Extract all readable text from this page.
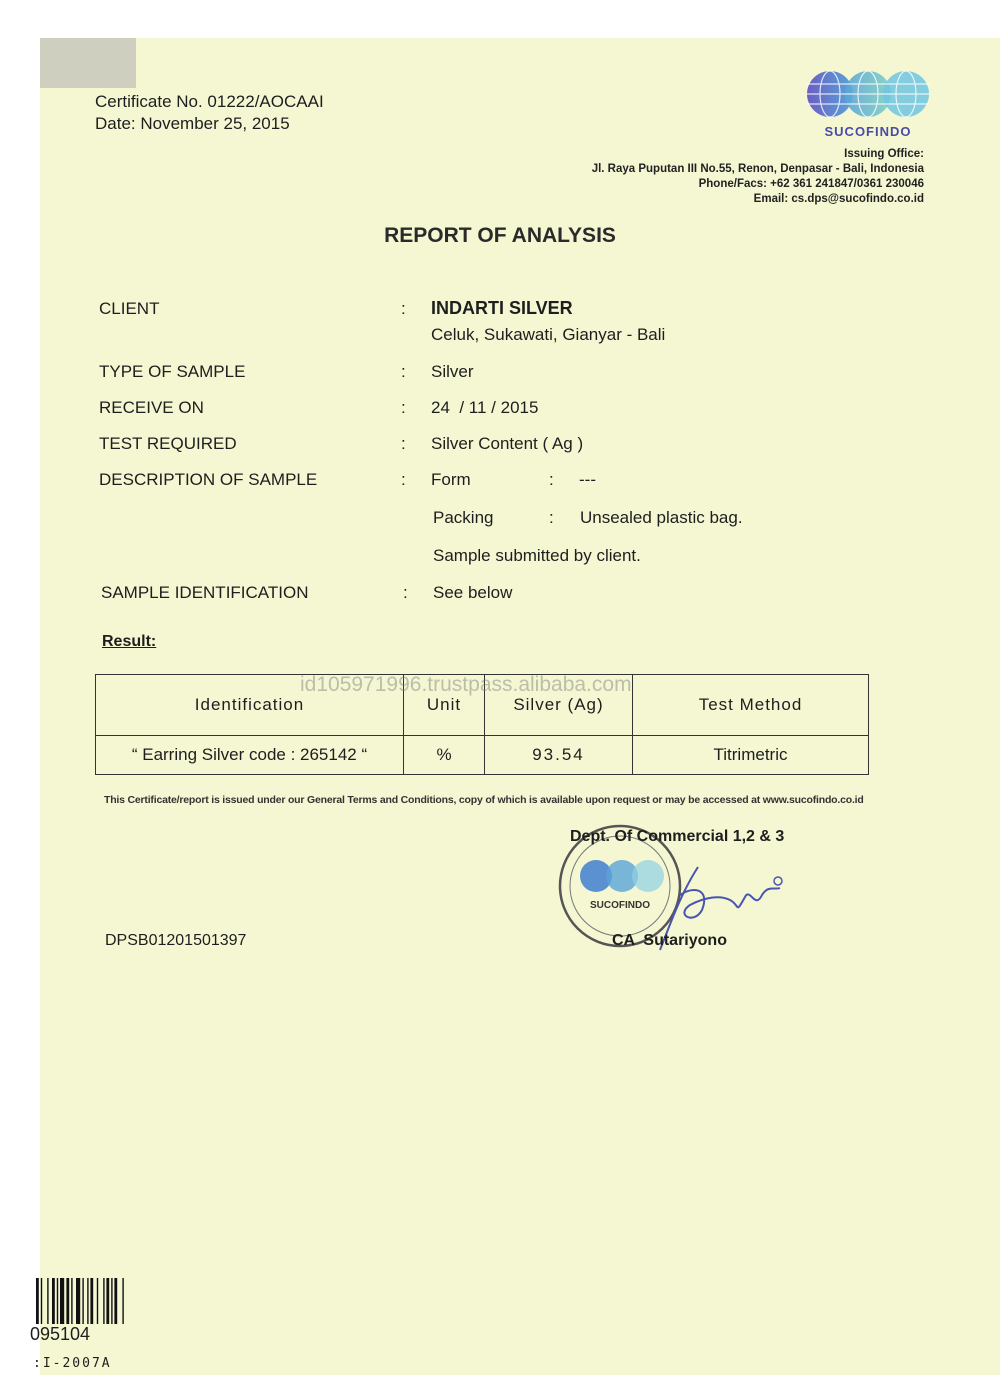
Certificate No. 01222/AOCAAI
Date: November 25, 2015	SUCOFINDO
Issuing Office:
Jl. Raya Puputan III No.55, Renon, Denpasar - Bali, Indonesia
Phone/Facs: +62 361 241847/0361 230046
Email: cs.dps@sucofindo.co.id
REPORT OF ANALYSIS
CLIENT	: INDARTI SILVER
Celuk, Sukawati, Gianyar - Bali
TYPE OF SAMPLE	: Silver
RECEIVE ON	: 24  / 11 / 2015
TEST REQUIRED	: Silver Content ( Ag )
DESCRIPTION OF SAMPLE	: Form	: ---
Packing	: Unsealed plastic bag.
Sample submitted by client.
SAMPLE IDENTIFICATION	: See below
Result:
Identification	Unit	Silver (Ag)	Test Method
“ Earring Silver code : 265142 “	%	93.54	Titrimetric
id105971996.trustpass.alibaba.com
This Certificate/report is issued under our General Terms and Conditions, copy of which is available upon request or may be accessed at www.sucofindo.co.id
SUCOFINDO
Dept. Of Commercial 1,2 & 3
CA  Sutariyono
DPSB01201501397
095104
:I-2007A
